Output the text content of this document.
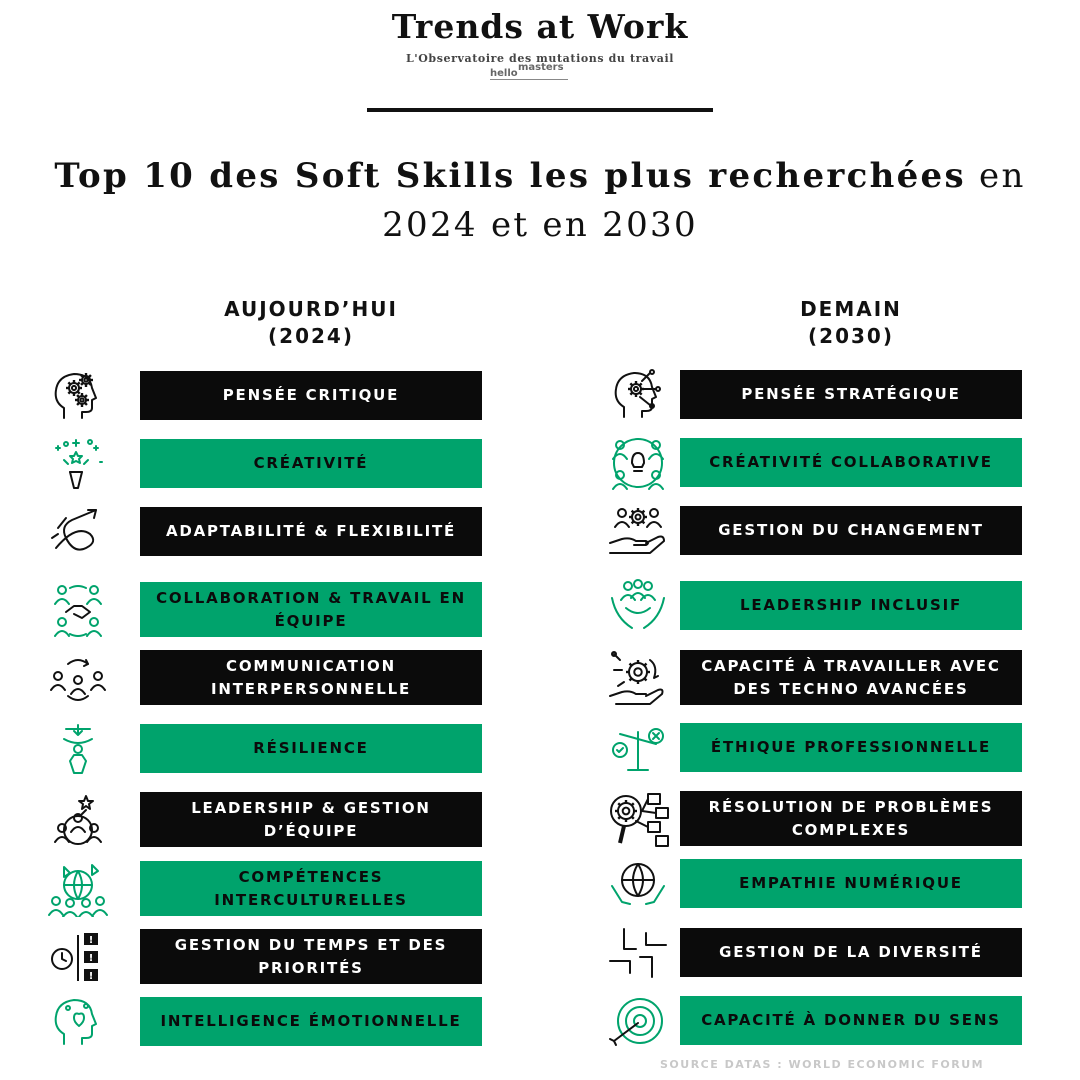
Trends at Work
L'Observatoire des mutations du travail
hello
masters
Top 10 des Soft Skills les plus recherchées en
2024 et en 2030
AUJOURD’HUI
(2024)
DEMAIN
(2030)
PENSÉE CRITIQUE
CRÉATIVITÉ
ADAPTABILITÉ & FLEXIBILITÉ
COLLABORATION & TRAVAIL EN ÉQUIPE
COMMUNICATION INTERPERSONNELLE
RÉSILIENCE
LEADERSHIP & GESTION D’ÉQUIPE
COMPÉTENCES INTERCULTURELLES
!
!
!
GESTION DU TEMPS ET DES PRIORITÉS
INTELLIGENCE ÉMOTIONNELLE
PENSÉE STRATÉGIQUE
CRÉATIVITÉ COLLABORATIVE
GESTION DU CHANGEMENT
LEADERSHIP INCLUSIF
CAPACITÉ À TRAVAILLER AVEC DES TECHNO AVANCÉES
ÉTHIQUE PROFESSIONNELLE
RÉSOLUTION DE PROBLÈMES COMPLEXES
EMPATHIE NUMÉRIQUE
GESTION DE LA DIVERSITÉ
CAPACITÉ À DONNER DU SENS
SOURCE DATAS : WORLD ECONOMIC FORUM
